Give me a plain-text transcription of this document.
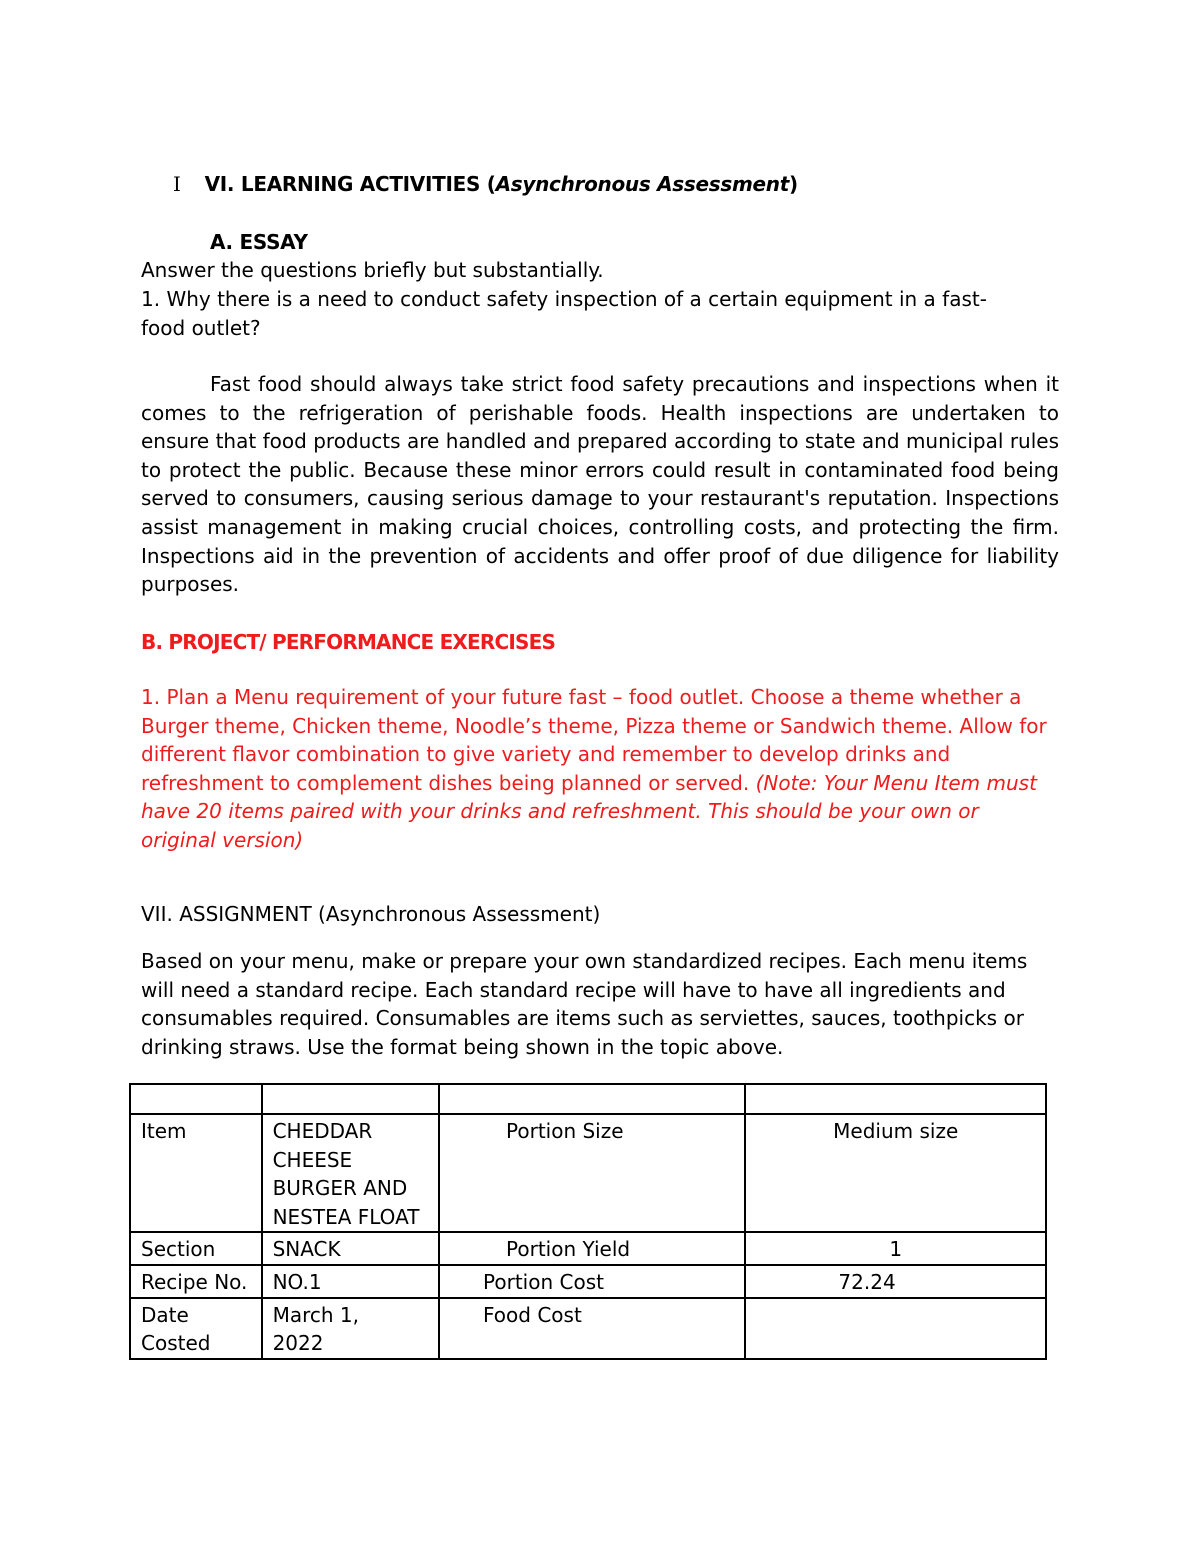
I VI. LEARNING ACTIVITIES (Asynchronous Assessment)
A. ESSAY
Answer the questions briefly but substantially.
1. Why there is a need to conduct safety inspection of a certain equipment in a fast-food outlet?
Fast food should always take strict food safety precautions and inspections when it comes to the refrigeration of perishable foods. Health inspections are undertaken to ensure that food products are handled and prepared according to state and municipal rules to protect the public. Because these minor errors could result in contaminated food being served to consumers, causing serious damage to your restaurant's reputation. Inspections assist management in making crucial choices, controlling costs, and protecting the firm. Inspections aid in the prevention of accidents and offer proof of due diligence for liability purposes.
B. PROJECT/ PERFORMANCE EXERCISES
1. Plan a Menu requirement of your future fast – food outlet. Choose a theme whether a Burger theme, Chicken theme, Noodle’s theme, Pizza theme or Sandwich theme. Allow for different flavor combination to give variety and remember to develop drinks and refreshment to complement dishes being planned or served. (Note: Your Menu Item must have 20 items paired with your drinks and refreshment. This should be your own or original version)
VII. ASSIGNMENT (Asynchronous Assessment)
Based on your menu, make or prepare your own standardized recipes. Each menu items will need a standard recipe. Each standard recipe will have to have all ingredients and consumables required. Consumables are items such as serviettes, sauces, toothpicks or drinking straws. Use the format being shown in the topic above.

Item	CHEDDAR CHEESE BURGER AND NESTEA FLOAT	Portion Size	Medium size
Section	SNACK	Portion Yield	1
Recipe No.	NO.1	Portion Cost	72.24
Date Costed	March 1, 2022	Food Cost	
